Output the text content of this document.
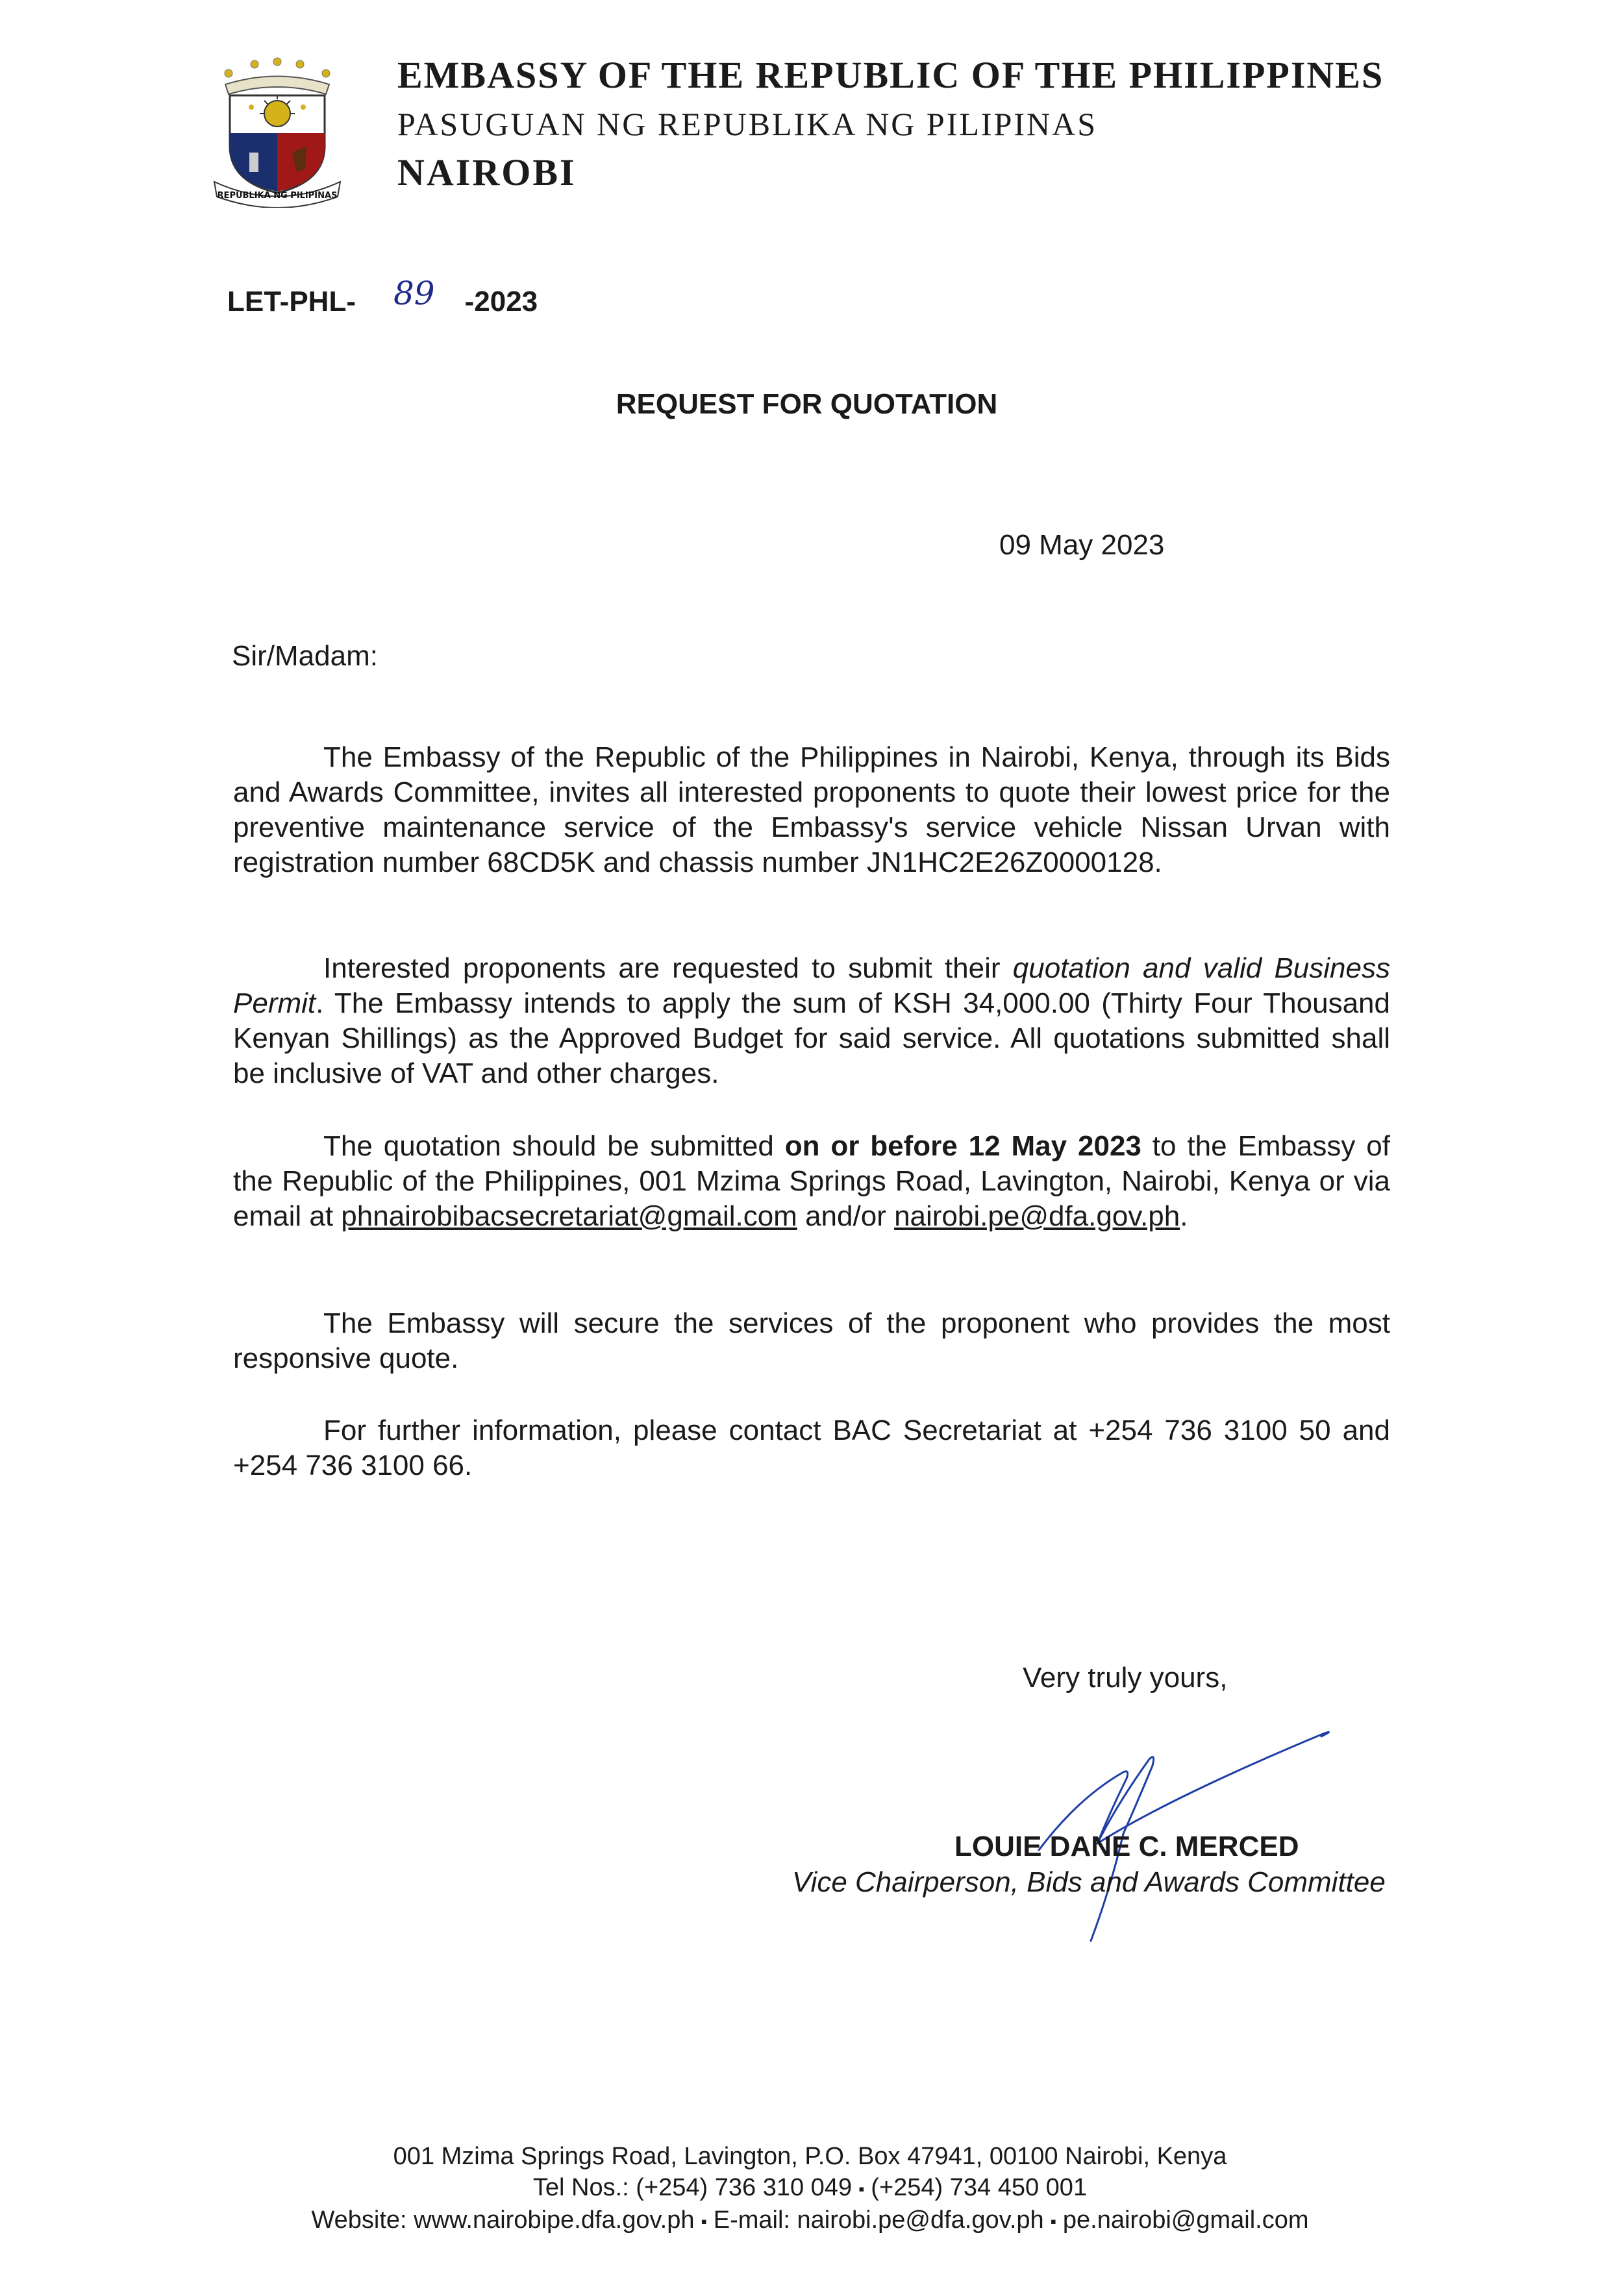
REPUBLIKA NG PILIPINAS
EMBASSY OF THE REPUBLIC OF THE PHILIPPINES
PASUGUAN NG REPUBLIKA NG PILIPINAS
NAIROBI
LET-PHL- 89 -2023
REQUEST FOR QUOTATION
09 May 2023
Sir/Madam:
The Embassy of the Republic of the Philippines in Nairobi, Kenya, through its Bids and Awards Committee, invites all interested proponents to quote their lowest price for the preventive maintenance service of the Embassy's service vehicle Nissan Urvan with registration number 68CD5K and chassis number JN1HC2E26Z0000128.
Interested proponents are requested to submit their quotation and valid Business Permit. The Embassy intends to apply the sum of KSH 34,000.00 (Thirty Four Thousand Kenyan Shillings) as the Approved Budget for said service. All quotations submitted shall be inclusive of VAT and other charges.
The quotation should be submitted on or before 12 May 2023 to the Embassy of the Republic of the Philippines, 001 Mzima Springs Road, Lavington, Nairobi, Kenya or via email at phnairobibacsecretariat@gmail.com and/or nairobi.pe@dfa.gov.ph.
The Embassy will secure the services of the proponent who provides the most responsive quote.
For further information, please contact BAC Secretariat at +254 736 3100 50 and +254 736 3100 66.
Very truly yours,
LOUIE DANE C. MERCED
Vice Chairperson, Bids and Awards Committee
001 Mzima Springs Road, Lavington, P.O. Box 47941, 00100 Nairobi, Kenya
Tel Nos.: (+254) 736 310 049 ▪ (+254) 734 450 001
Website: www.nairobipe.dfa.gov.ph ▪ E-mail: nairobi.pe@dfa.gov.ph ▪ pe.nairobi@gmail.com
